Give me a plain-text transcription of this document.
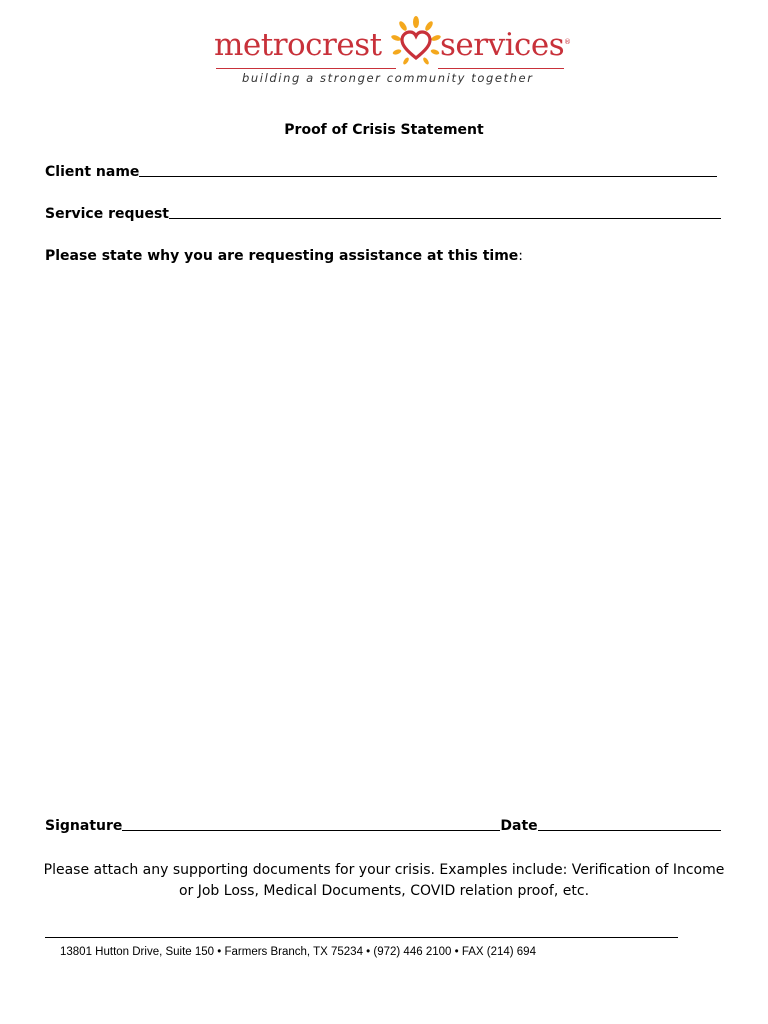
metrocrest services ®
building a stronger community together
Proof of Crisis Statement
Client name
Service request
Please state why you are requesting assistance at this time:
Signature	Date
Please attach any supporting documents for your crisis. Examples include: Verification of Income or Job Loss, Medical Documents, COVID relation proof, etc.
13801 Hutton Drive, Suite 150 • Farmers Branch, TX 75234 • (972) 446 2100 • FAX (214) 694
